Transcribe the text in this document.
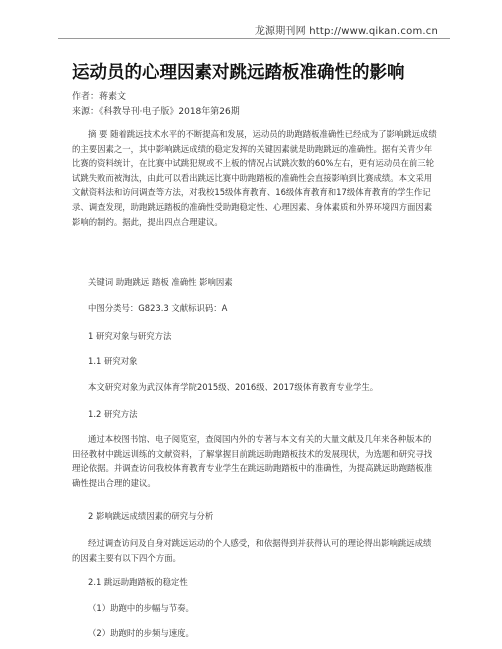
龙源期刊网 http://www.qikan.com.cn
运动员的心理因素对跳远踏板准确性的影响
作者：蒋素文
来源：《科教导刊·电子版》2018年第26期

摘 要 随着跳远技术水平的不断提高和发展，运动员的助跑踏板准确性已经成为了影响跳远成绩的主要因素之一，其中影响跳远成绩的稳定发挥的关键因素就是助跑跳远的准确性。据有关青少年比赛的资料统计，在比赛中试跳犯规或不上板的情况占试跳次数的60%左右，更有运动员在前三轮试跳失败而被淘汰，由此可以看出跳远比赛中助跑踏板的准确性会直接影响到比赛成绩。本文采用文献资料法和访问调查等方法，对我校15级体育教育、16级体育教育和17级体育教育的学生作记录、调查发现，助跑跳远踏板的准确性受助跑稳定性、心理因素、身体素质和外界环境四方面因素影响的制约。据此，提出四点合理建议。

关键词 助跑跳远 踏板 准确性 影响因素

中图分类号：G823.3 文献标识码：A

1 研究对象与研究方法

1.1 研究对象

本文研究对象为武汉体育学院2015级、2016级、2017级体育教育专业学生。

1.2 研究方法

通过本校图书馆、电子阅览室，查阅国内外的专著与本文有关的大量文献及几年来各种版本的田径教材中跳远训练的文献资料，了解掌握目前跳远助跑踏板技术的发展现状，为选题和研究寻找理论依据。并调查访问我校体育教育专业学生在跳远助跑踏板中的准确性，为提高跳远助跑踏板准确性提出合理的建议。

2 影响跳远成绩因素的研究与分析

经过调查访问及自身对跳远运动的个人感受，和依据得到并获得认可的理论得出影响跳远成绩的因素主要有以下四个方面。

2.1 跳远助跑踏板的稳定性

（1）助跑中的步幅与节奏。

（2）助跑时的步频与速度。
